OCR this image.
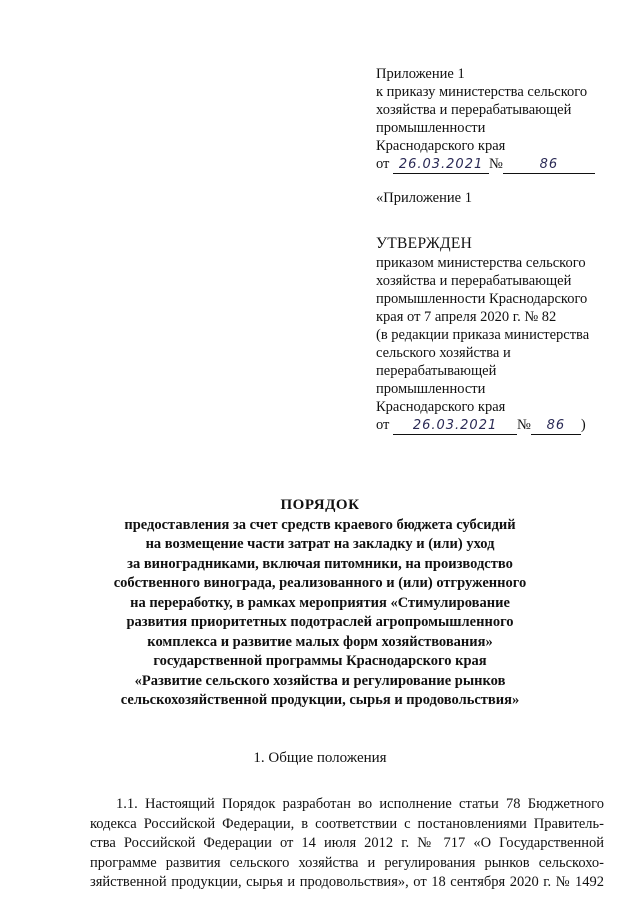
Приложение 1
к приказу министерства сельского
хозяйства и перерабатывающей
промышленности
Краснодарского края
от 26.03.2021 №	86
«Приложение 1
УТВЕРЖДЕН
приказом министерства сельского
хозяйства и перерабатывающей
промышленности Краснодарского
края от 7 апреля 2020 г. № 82
(в редакции приказа министерства
сельского хозяйства и
перерабатывающей
промышленности
Краснодарского края
от 26.03.2021 № 86 )
ПОРЯДОК
предоставления за счет средств краевого бюджета субсидий
на возмещение части затрат на закладку и (или) уход
за виноградниками, включая питомники, на производство
собственного винограда, реализованного и (или) отгруженного
на переработку, в рамках мероприятия «Стимулирование
развития приоритетных подотраслей агропромышленного
комплекса и развитие малых форм хозяйствования»
государственной программы Краснодарского края
«Развитие сельского хозяйства и регулирование рынков
сельскохозяйственной продукции, сырья и продовольствия»
1. Общие положения
1.1. Настоящий Порядок разработан во исполнение статьи 78 Бюджетного
кодекса Российской Федерации, в соответствии с постановлениями Правитель-
ства Российской Федерации от 14 июля 2012 г. № 717 «О Государственной
программе развития сельского хозяйства и регулирования рынков сельскохо-
зяйственной продукции, сырья и продовольствия», от 18 сентября 2020 г. № 1492
